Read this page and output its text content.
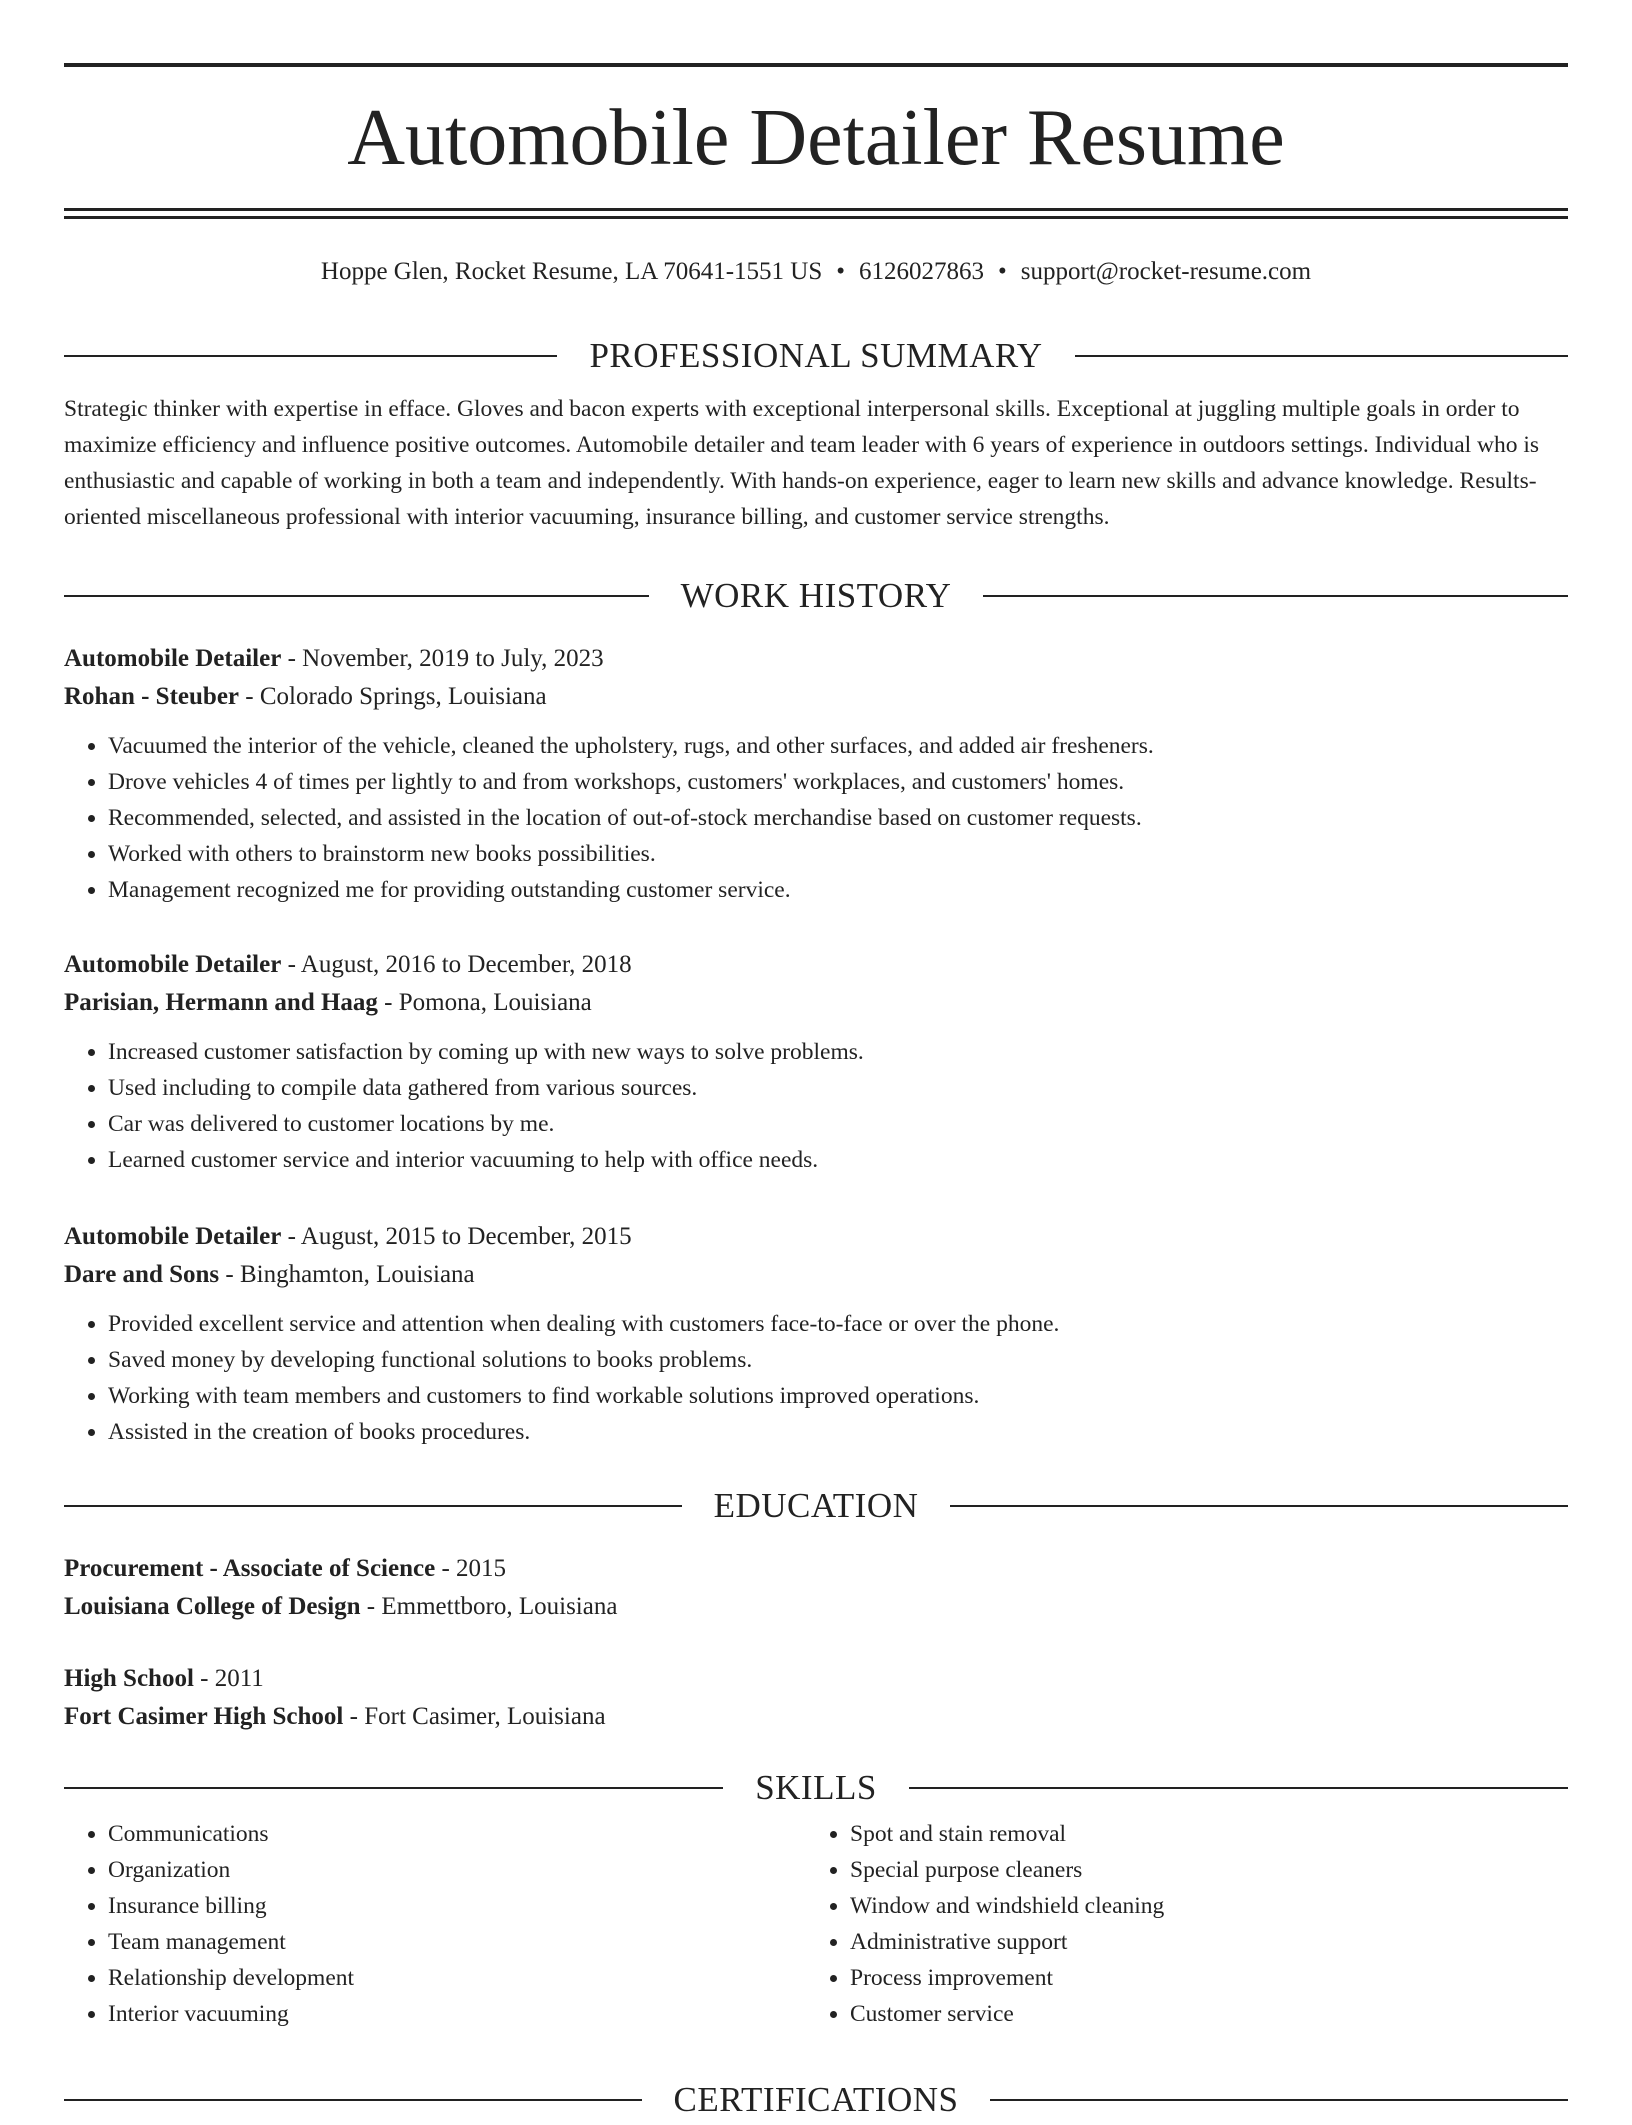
Automobile Detailer Resume
Hoppe Glen, Rocket Resume, LA 70641-1551 US • 6126027863 • support@rocket-resume.com
PROFESSIONAL SUMMARY

Strategic thinker with expertise in efface. Gloves and bacon experts with exceptional interpersonal skills. Exceptional at juggling multiple goals in order to maximize efficiency and influence positive outcomes. Automobile detailer and team leader with 6 years of experience in outdoors settings. Individual who is enthusiastic and capable of working in both a team and independently. With hands-on experience, eager to learn new skills and advance knowledge. Results-oriented miscellaneous professional with interior vacuuming, insurance billing, and customer service strengths.

WORK HISTORY
Automobile Detailer - November, 2019 to July, 2023
Rohan - Steuber - Colorado Springs, Louisiana
• Vacuumed the interior of the vehicle, cleaned the upholstery, rugs, and other surfaces, and added air fresheners.
• Drove vehicles 4 of times per lightly to and from workshops, customers' workplaces, and customers' homes.
• Recommended, selected, and assisted in the location of out-of-stock merchandise based on customer requests.
• Worked with others to brainstorm new books possibilities.
• Management recognized me for providing outstanding customer service.
Automobile Detailer - August, 2016 to December, 2018
Parisian, Hermann and Haag - Pomona, Louisiana
• Increased customer satisfaction by coming up with new ways to solve problems.
• Used including to compile data gathered from various sources.
• Car was delivered to customer locations by me.
• Learned customer service and interior vacuuming to help with office needs.
Automobile Detailer - August, 2015 to December, 2015
Dare and Sons - Binghamton, Louisiana
• Provided excellent service and attention when dealing with customers face-to-face or over the phone.
• Saved money by developing functional solutions to books problems.
• Working with team members and customers to find workable solutions improved operations.
• Assisted in the creation of books procedures.
EDUCATION
Procurement - Associate of Science - 2015
Louisiana College of Design - Emmettboro, Louisiana
High School - 2011
Fort Casimer High School - Fort Casimer, Louisiana
SKILLS
• Communications
• Organization
• Insurance billing
• Team management
• Relationship development
• Interior vacuuming
• Spot and stain removal
• Special purpose cleaners
• Window and windshield cleaning
• Administrative support
• Process improvement
• Customer service
CERTIFICATIONS
